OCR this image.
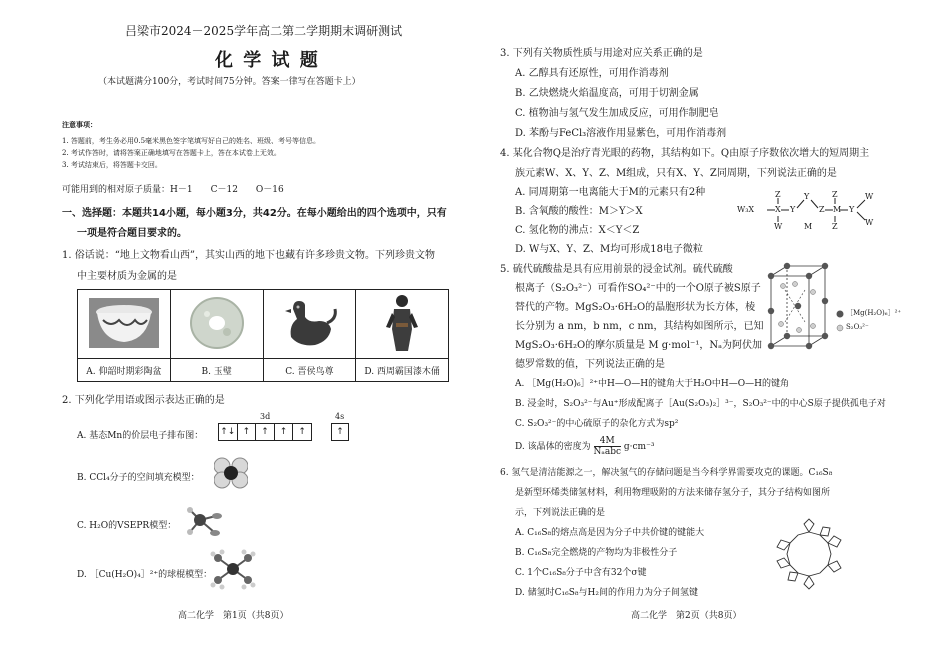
吕梁市2024－2025学年高二第二学期期末调研测试
化 学 试 题
（本试题满分100分，考试时间75分钟。答案一律写在答题卡上）
注意事项：
1. 答题前，考生务必用0.5毫米黑色签字笔填写好自己的姓名、班级、考号等信息。
2. 考试作答时，请将答案正确地填写在答题卡上，答在本试卷上无效。
3. 考试结束后，将答题卡交回。
可能用到的相对原子质量：H－1　　C－12　　O－16
一、选择题：本题共14小题，每小题3分，共42分。在每小题给出的四个选项中，只有
一项是符合题目要求的。
1. 俗话说：“地上文物看山西”，其实山西的地下也藏有许多珍贵文物。下列珍贵文物
中主要材质为金属的是
A. 仰韶时期彩陶盆	B. 玉璧	C. 晋侯鸟尊	D. 西周霸国漆木俑
2. 下列化学用语或图示表达正确的是
3d	4s
A. 基态Mn的价层电子排布图： ↑↓ ↑	↑	↑	↑	↑
B. CCl₄分子的空间填充模型：
C. H₂O的VSEPR模型：
D. ［Cu(H₂O)₄］²⁺的球棍模型：
高二化学　第1页（共8页）
3. 下列有关物质性质与用途对应关系正确的是
A. 乙醇具有还原性，可用作消毒剂
B. 乙炔燃烧火焰温度高，可用于切割金属
C. 植物油与氢气发生加成反应，可用作制肥皂
D. 苯酚与FeCl₃溶液作用显紫色，可用作消毒剂
4. 某化合物Q是治疗青光眼的药物，其结构如下。Q由原子序数依次增大的短周期主
族元素W、X、Y、Z、M组成，只有X、Y、Z同周期，下列说法正确的是
A. 同周期第一电离能大于M的元素只有2种
B. 含氧酸的酸性：M＞Y＞X
C. 氢化物的沸点：X＜Y＜Z
D. W与X、Y、Z、M均可形成18电子微粒
W₃X	X
Z
W
Y
Y
M
Z
Z
M
Z
Y
W
W
5. 硫代硫酸盐是具有应用前景的浸金试剂。硫代硫酸
根离子（S₂O₃²⁻）可看作SO₄²⁻中的一个O原子被S原子
替代的产物。MgS₂O₃·6H₂O的晶胞形状为长方体，棱
长分别为 a nm，b nm，c nm，其结构如图所示，已知
MgS₂O₃·6H₂O的摩尔质量是 M g·mol⁻¹，Nₐ为阿伏加
德罗常数的值，下列说法正确的是
［Mg(H₂O)₆］²⁺
S₂O₃²⁻
A. ［Mg(H₂O)₆］²⁺中H—O—H的键角大于H₂O中H—O—H的键角
B. 浸金时，S₂O₃²⁻与Au⁺形成配离子［Au(S₂O₃)₂］³⁻，S₂O₃²⁻中的中心S原子提供孤电子对
C. S₂O₃²⁻的中心硫原子的杂化方式为sp²
D. 该晶体的密度为 $\frac{4M}{\text{Nₐabc}} g\cdot cm^{-3}$
6. 氢气是清洁能源之一，解决氢气的存储问题是当今科学界需要攻克的课题。C₁₆S₈
是新型环烯类储氢材料，利用物理吸附的方法来储存氢分子，其分子结构如图所
示，下列说法正确的是
A. C₁₆S₈的熔点高是因为分子中共价键的键能大
B. C₁₆S₈完全燃烧的产物均为非极性分子
C. 1个C₁₆S₈分子中含有32个σ键
D. 储氢时C₁₆S₈与H₂间的作用力为分子间氢键
高二化学　第2页（共8页）
